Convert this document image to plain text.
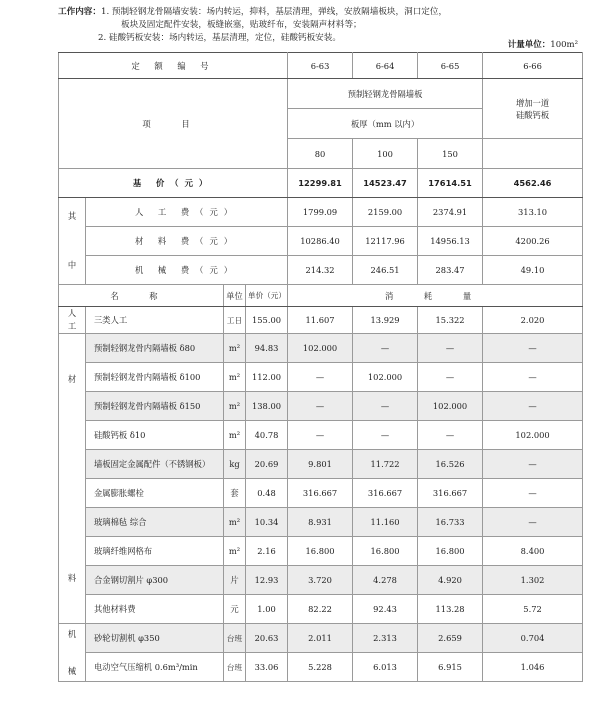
工作内容：1. 预制轻钢龙骨隔墙安装：场内转运，抑料，基层清理，弹线，安放隔墙板块，洞口定位，
板块及固定配件安装，板缝嵌塞，贴玻纤布，安装隔声材料等；
2. 硅酸钙板安装：场内转运，基层清理，定位，硅酸钙板安装。
计量单位：100m²
定 额 编 号				6-63	6-64	6-65	6-66
项 目				预制轻钢龙骨隔墙板			增加一道
硅酸钙板

				板厚（mm 以内）			
				80	100	150	
基 价（元）				12299.81	14523.47	17614.51	4562.46

其
中	人 工 费（元）			1799.09	2159.00	2374.91	313.10
	材 料 费（元）			10286.40	12117.96	14956.13	4200.26
	机 械 费（元）			214.32	246.51	283.47	49.10
名 称		单位	单价（元）	消 耗 量			

人
工	三类人工	工日	155.00	11.607	13.929	15.322	2.020

材
料	预制轻钢龙骨内隔墙板 δ80	m²	94.83	102.000	—	—	—
	预制轻钢龙骨内隔墙板 δ100	m²	112.00	—	102.000	—	—
	预制轻钢龙骨内隔墙板 δ150	m²	138.00	—	—	102.000	—
	硅酸钙板 δ10	m²	40.78	—	—	—	102.000
	墙板固定金属配件（不锈钢板）	kg	20.69	9.801	11.722	16.526	—
	金属膨胀螺栓	套	0.48	316.667	316.667	316.667	—
	玻璃棉毡 综合	m²	10.34	8.931	11.160	16.733	—
	玻璃纤维网格布	m²	2.16	16.800	16.800	16.800	8.400
	合金钢切割片 φ300	片	12.93	3.720	4.278	4.920	1.302
	其他材料费	元	1.00	82.22	92.43	113.28	5.72

机
械	砂轮切割机 φ350	台班	20.63	2.011	2.313	2.659	0.704
	电动空气压缩机 0.6m³/min	台班	33.06	5.228	6.013	6.915	1.046
